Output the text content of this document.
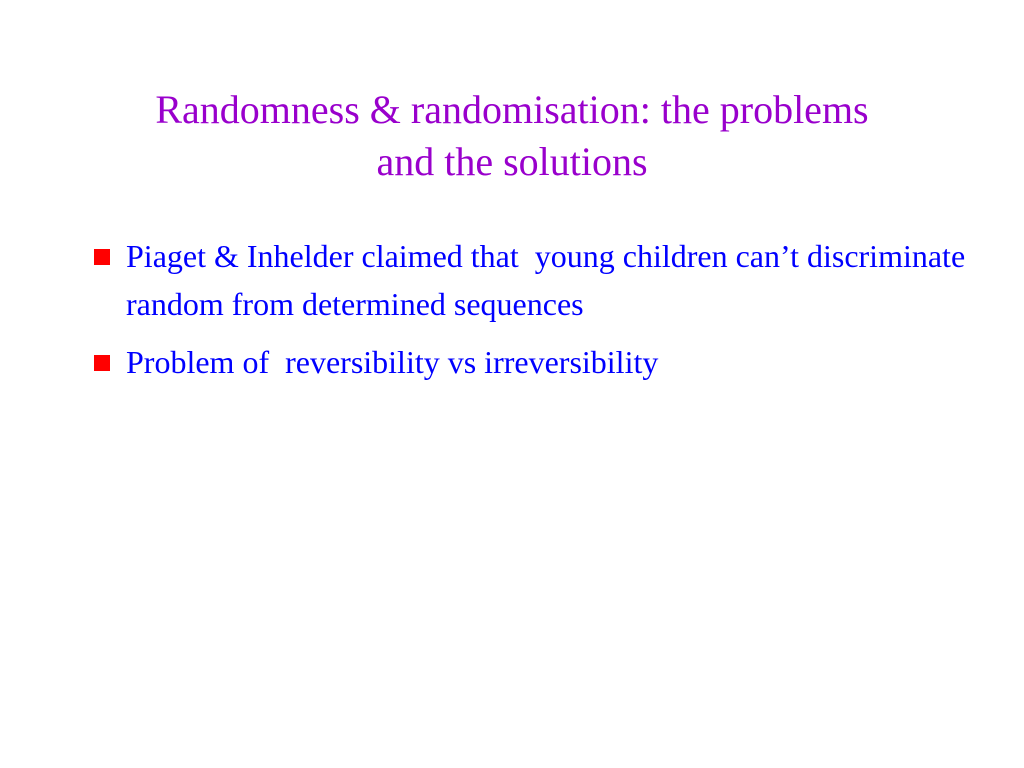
Randomness & randomisation: the problems
and the solutions
Piaget & Inhelder claimed that  young children can’t discriminate random from determined sequences
Problem of  reversibility vs irreversibility
